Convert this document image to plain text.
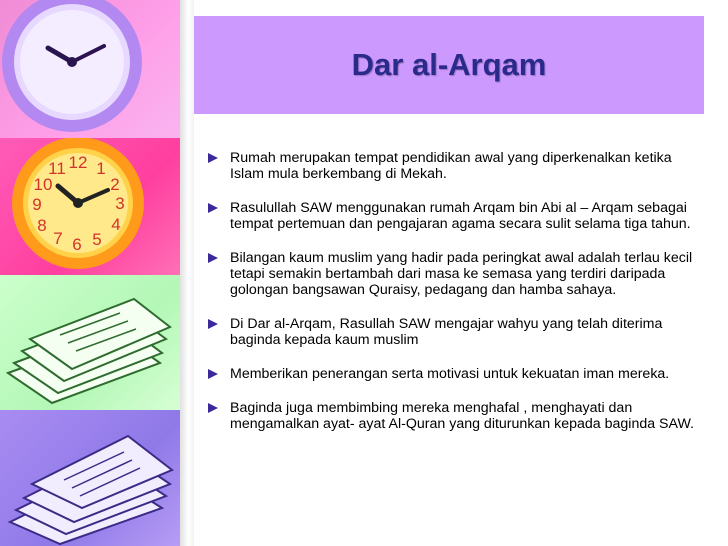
12 1
2
3
4
5
6
7
8
9
10
11
Dar al-Arqam
Rumah merupakan tempat pendidikan awal yang diperkenalkan ketika Islam mula berkembang di Mekah.
Rasulullah SAW menggunakan rumah Arqam bin Abi al – Arqam sebagai tempat pertemuan dan pengajaran agama secara sulit selama tiga tahun.
Bilangan kaum muslim yang hadir pada peringkat awal adalah terlau kecil tetapi semakin bertambah dari masa ke semasa yang terdiri daripada golongan bangsawan Quraisy, pedagang dan hamba sahaya.
Di Dar al-Arqam, Rasullah SAW mengajar wahyu yang telah diterima baginda kepada kaum muslim
Memberikan penerangan serta motivasi untuk kekuatan iman mereka.
Baginda juga membimbing mereka menghafal , menghayati dan mengamalkan ayat- ayat Al-Quran yang diturunkan kepada baginda SAW.
